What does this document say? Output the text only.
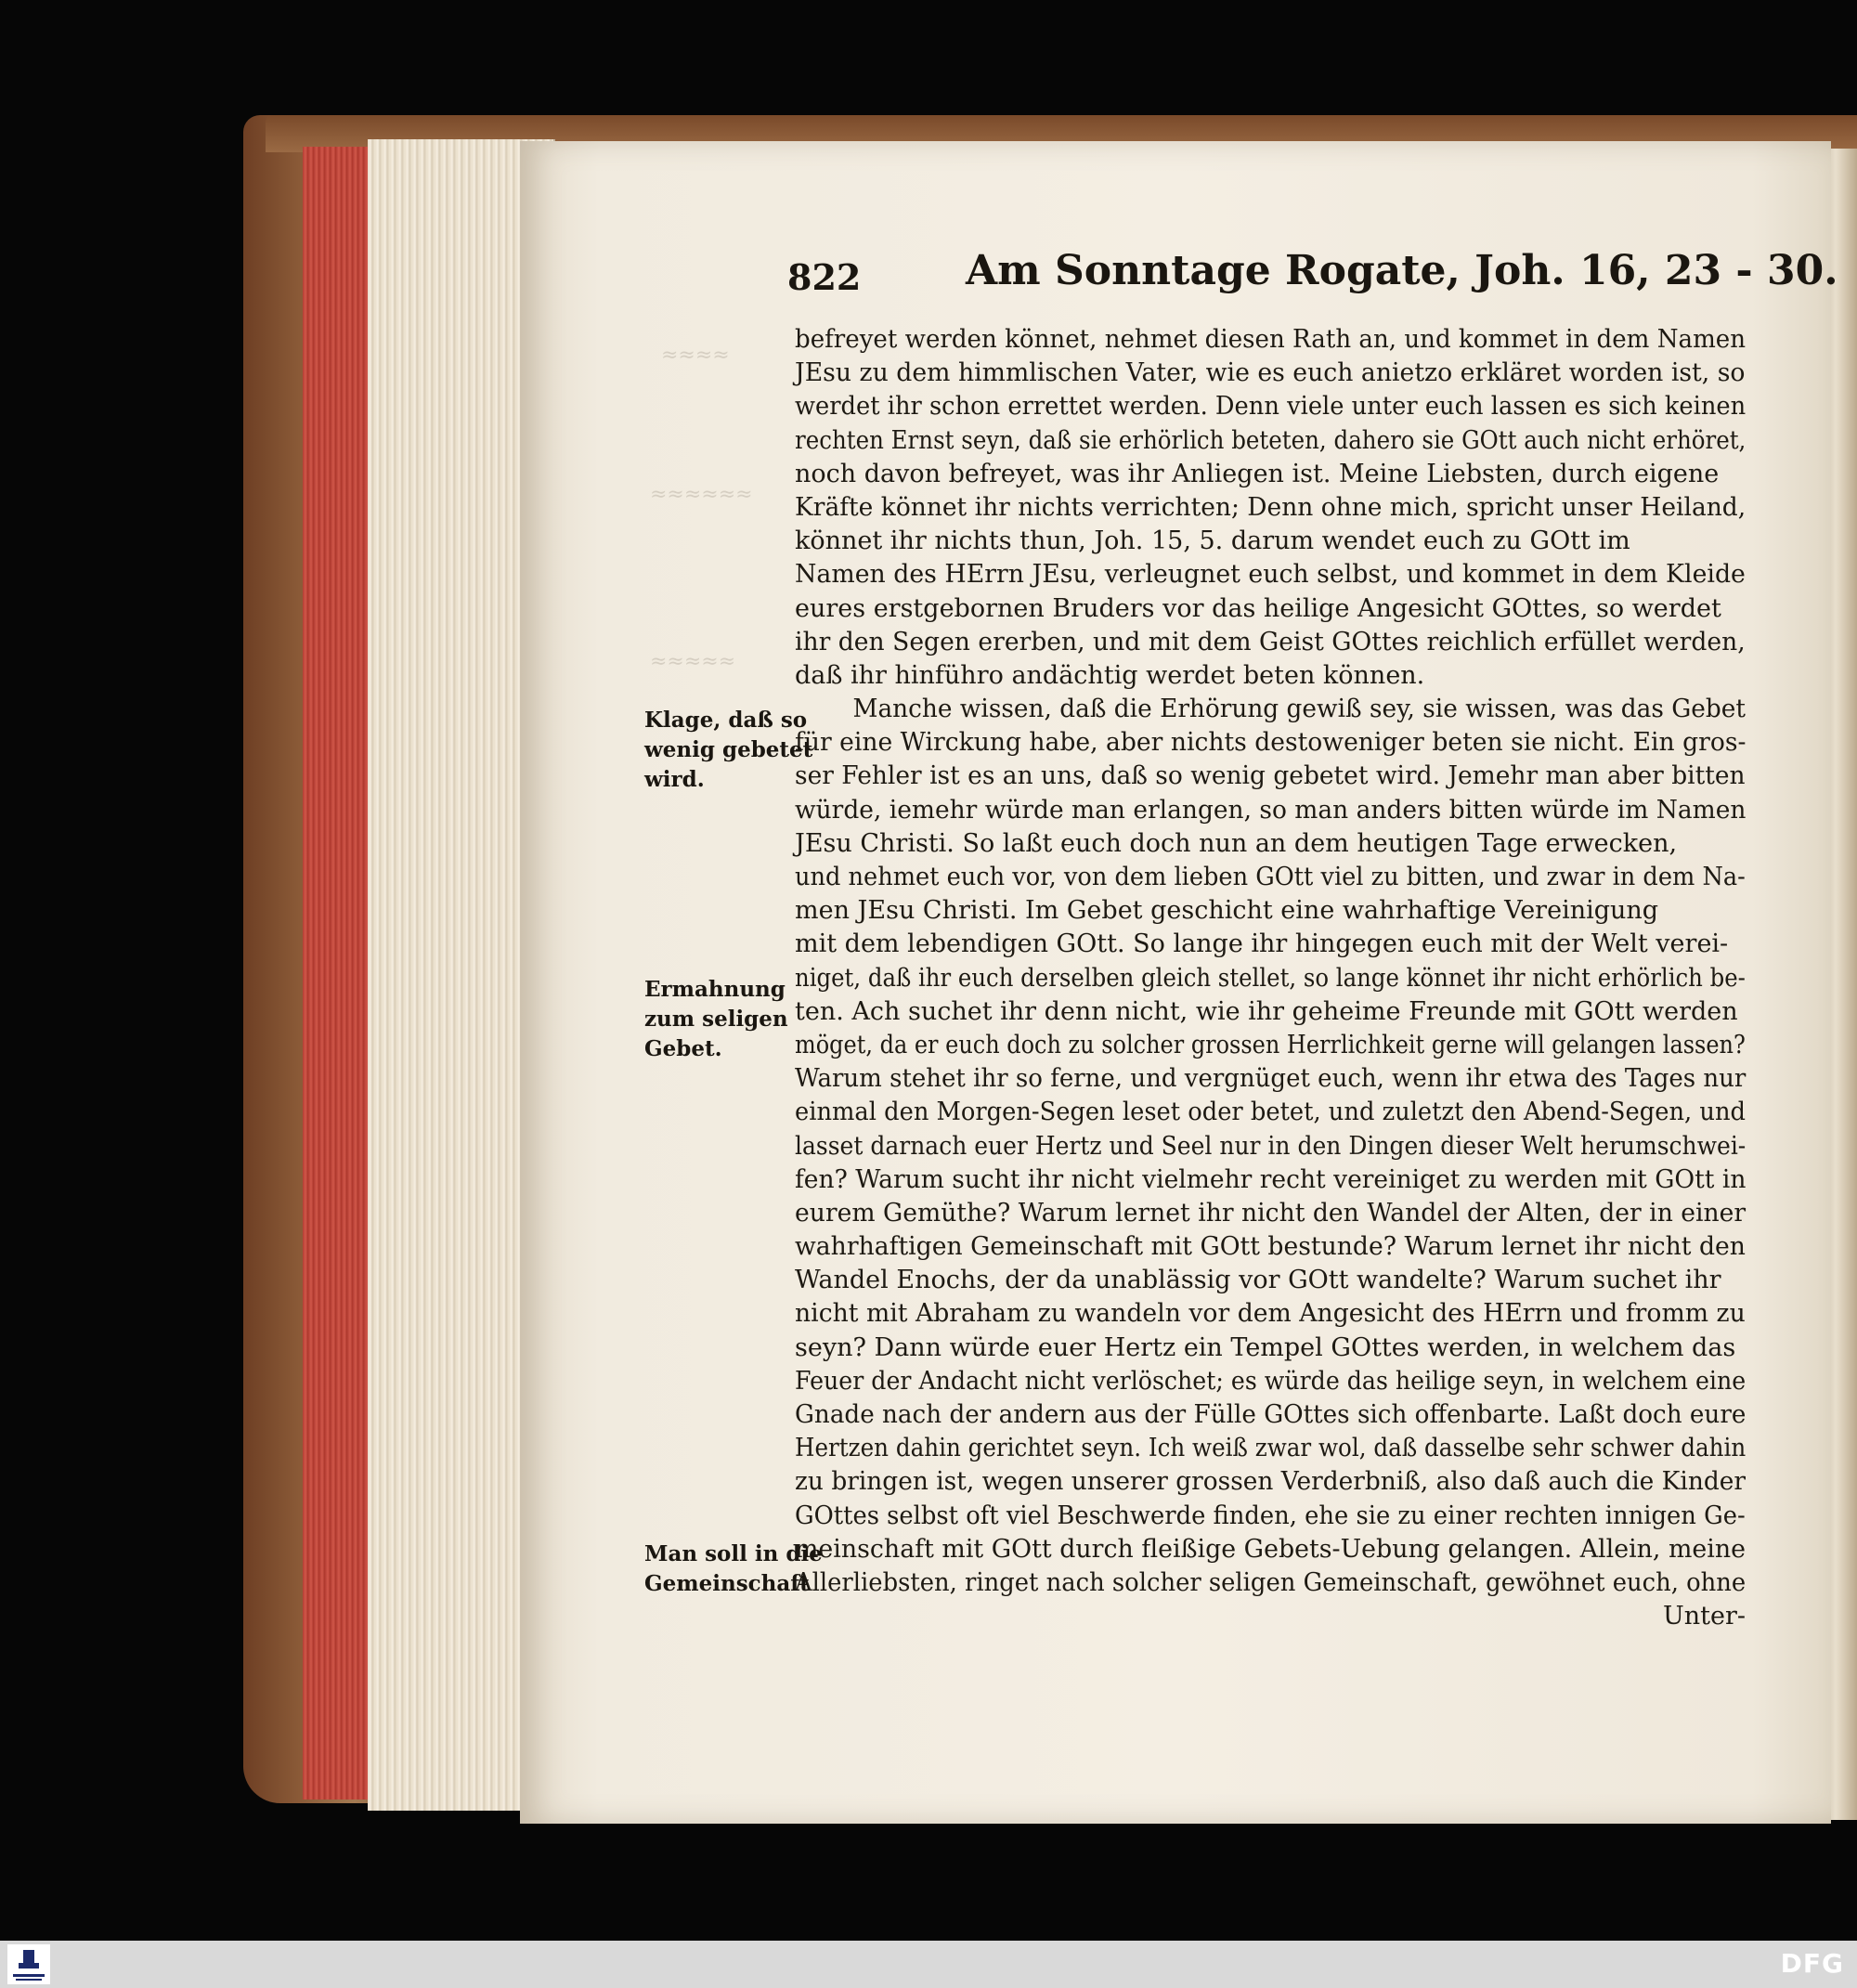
≈≈≈≈
≈≈≈≈≈≈
≈≈≈≈≈
822	Am Sonntage Rogate, Joh. 16, 23 - 30.
befreyet werden könnet, nehmet diesen Rath an, und kommet in dem Namen
JEsu zu dem himmlischen Vater, wie es euch anietzo erkläret worden ist, so
werdet ihr schon errettet werden. Denn viele unter euch lassen es sich keinen
rechten Ernst seyn, daß sie erhörlich beteten, dahero sie GOtt auch nicht erhöret,
noch davon befreyet, was ihr Anliegen ist. Meine Liebsten, durch eigene
Kräfte könnet ihr nichts verrichten; Denn ohne mich, spricht unser Heiland,
könnet ihr nichts thun, Joh. 15, 5. darum wendet euch zu GOtt im
Namen des HErrn JEsu, verleugnet euch selbst, und kommet in dem Kleide
eures erstgebornen Bruders vor das heilige Angesicht GOttes, so werdet
ihr den Segen ererben, und mit dem Geist GOttes reichlich erfüllet werden,
daß ihr hinführo andächtig werdet beten können.
Manche wissen, daß die Erhörung gewiß sey, sie wissen, was das Gebet
für eine Wirckung habe, aber nichts destoweniger beten sie nicht. Ein gros-
ser Fehler ist es an uns, daß so wenig gebetet wird. Jemehr man aber bitten
würde, iemehr würde man erlangen, so man anders bitten würde im Namen
JEsu Christi. So laßt euch doch nun an dem heutigen Tage erwecken,
und nehmet euch vor, von dem lieben GOtt viel zu bitten, und zwar in dem Na-
men JEsu Christi. Im Gebet geschicht eine wahrhaftige Vereinigung
mit dem lebendigen GOtt. So lange ihr hingegen euch mit der Welt verei-
niget, daß ihr euch derselben gleich stellet, so lange könnet ihr nicht erhörlich be-
ten. Ach suchet ihr denn nicht, wie ihr geheime Freunde mit GOtt werden
möget, da er euch doch zu solcher grossen Herrlichkeit gerne will gelangen lassen?
Warum stehet ihr so ferne, und vergnüget euch, wenn ihr etwa des Tages nur
einmal den Morgen-Segen leset oder betet, und zuletzt den Abend-Segen, und
lasset darnach euer Hertz und Seel nur in den Dingen dieser Welt herumschwei-
fen? Warum sucht ihr nicht vielmehr recht vereiniget zu werden mit GOtt in
eurem Gemüthe? Warum lernet ihr nicht den Wandel der Alten, der in einer
wahrhaftigen Gemeinschaft mit GOtt bestunde? Warum lernet ihr nicht den
Wandel Enochs, der da unablässig vor GOtt wandelte? Warum suchet ihr
nicht mit Abraham zu wandeln vor dem Angesicht des HErrn und fromm zu
seyn? Dann würde euer Hertz ein Tempel GOttes werden, in welchem das
Feuer der Andacht nicht verlöschet; es würde das heilige seyn, in welchem eine
Gnade nach der andern aus der Fülle GOttes sich offenbarte. Laßt doch eure
Hertzen dahin gerichtet seyn. Ich weiß zwar wol, daß dasselbe sehr schwer dahin
zu bringen ist, wegen unserer grossen Verderbniß, also daß auch die Kinder
GOttes selbst oft viel Beschwerde finden, ehe sie zu einer rechten innigen Ge-
meinschaft mit GOtt durch fleißige Gebets-Uebung gelangen. Allein, meine
Allerliebsten, ringet nach solcher seligen Gemeinschaft, gewöhnet euch, ohne
Unter-
Klage, daß so
wenig gebetet
wird.
Ermahnung
zum seligen
Gebet.
Man soll in die
Gemeinschaft
DFG
